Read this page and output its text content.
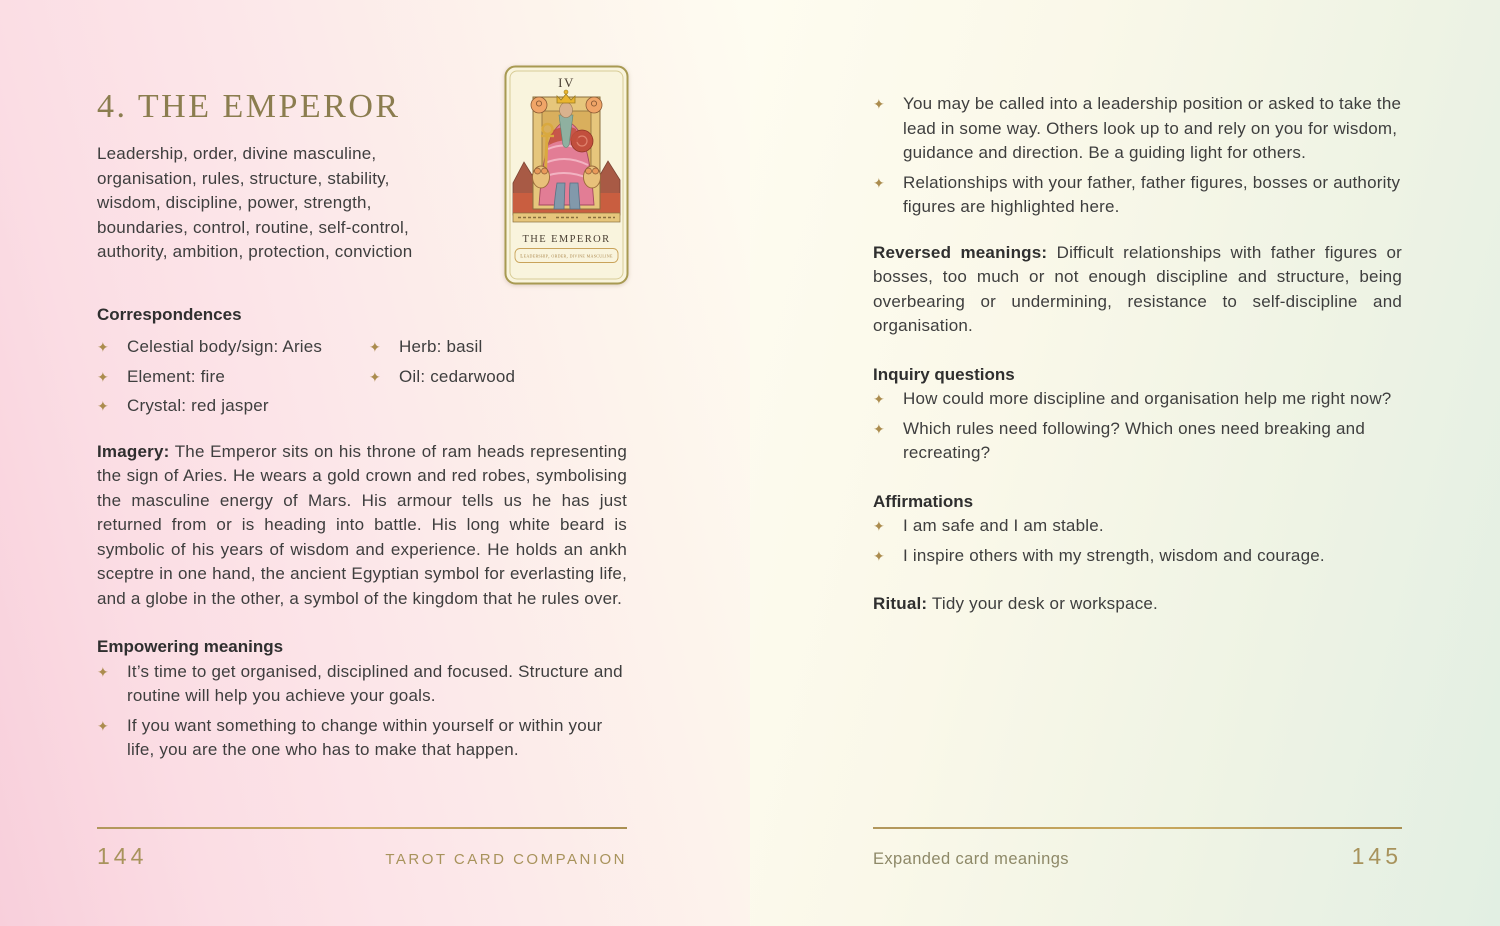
4. THE EMPEROR

Leadership, order, divine masculine, organisation, rules, structure, stability, wisdom, discipline, power, strength, boundaries, control, routine, self-control, authority, ambition, protection, conviction

IV
THE EMPEROR
Leadership, order, divine masculine
Correspondences
✦	Celestial body/sign: Aries	✦	Herb: basil
✦	Element: fire	✦	Oil: cedarwood
✦	Crystal: red jasper

Imagery: The Emperor sits on his throne of ram heads representing the sign of Aries. He wears a gold crown and red robes, symbolising the masculine energy of Mars. His armour tells us he has just returned from or is heading into battle. His long white beard is symbolic of his years of wisdom and experience. He holds an ankh sceptre in one hand, the ancient Egyptian symbol for everlasting life, and a globe in the other, a symbol of the kingdom that he rules over.

Empowering meanings
✦	It’s time to get organised, disciplined and focused. Structure and routine will help you achieve your goals.
✦	If you want something to change within yourself or within your life, you are the one who has to make that happen.
144	TAROT CARD COMPANION
✦	You may be called into a leadership position or asked to take the lead in some way. Others look up to and rely on you for wisdom, guidance and direction. Be a guiding light for others.
✦	Relationships with your father, father figures, bosses or authority figures are highlighted here.

Reversed meanings: Difficult relationships with father figures or bosses, too much or not enough discipline and structure, being overbearing or undermining, resistance to self-discipline and organisation.

Inquiry questions
✦	How could more discipline and organisation help me right now?
✦	Which rules need following? Which ones need breaking and recreating?
Affirmations
✦	I am safe and I am stable.
✦	I inspire others with my strength, wisdom and courage.

Ritual: Tidy your desk or workspace.

Expanded card meanings	145
